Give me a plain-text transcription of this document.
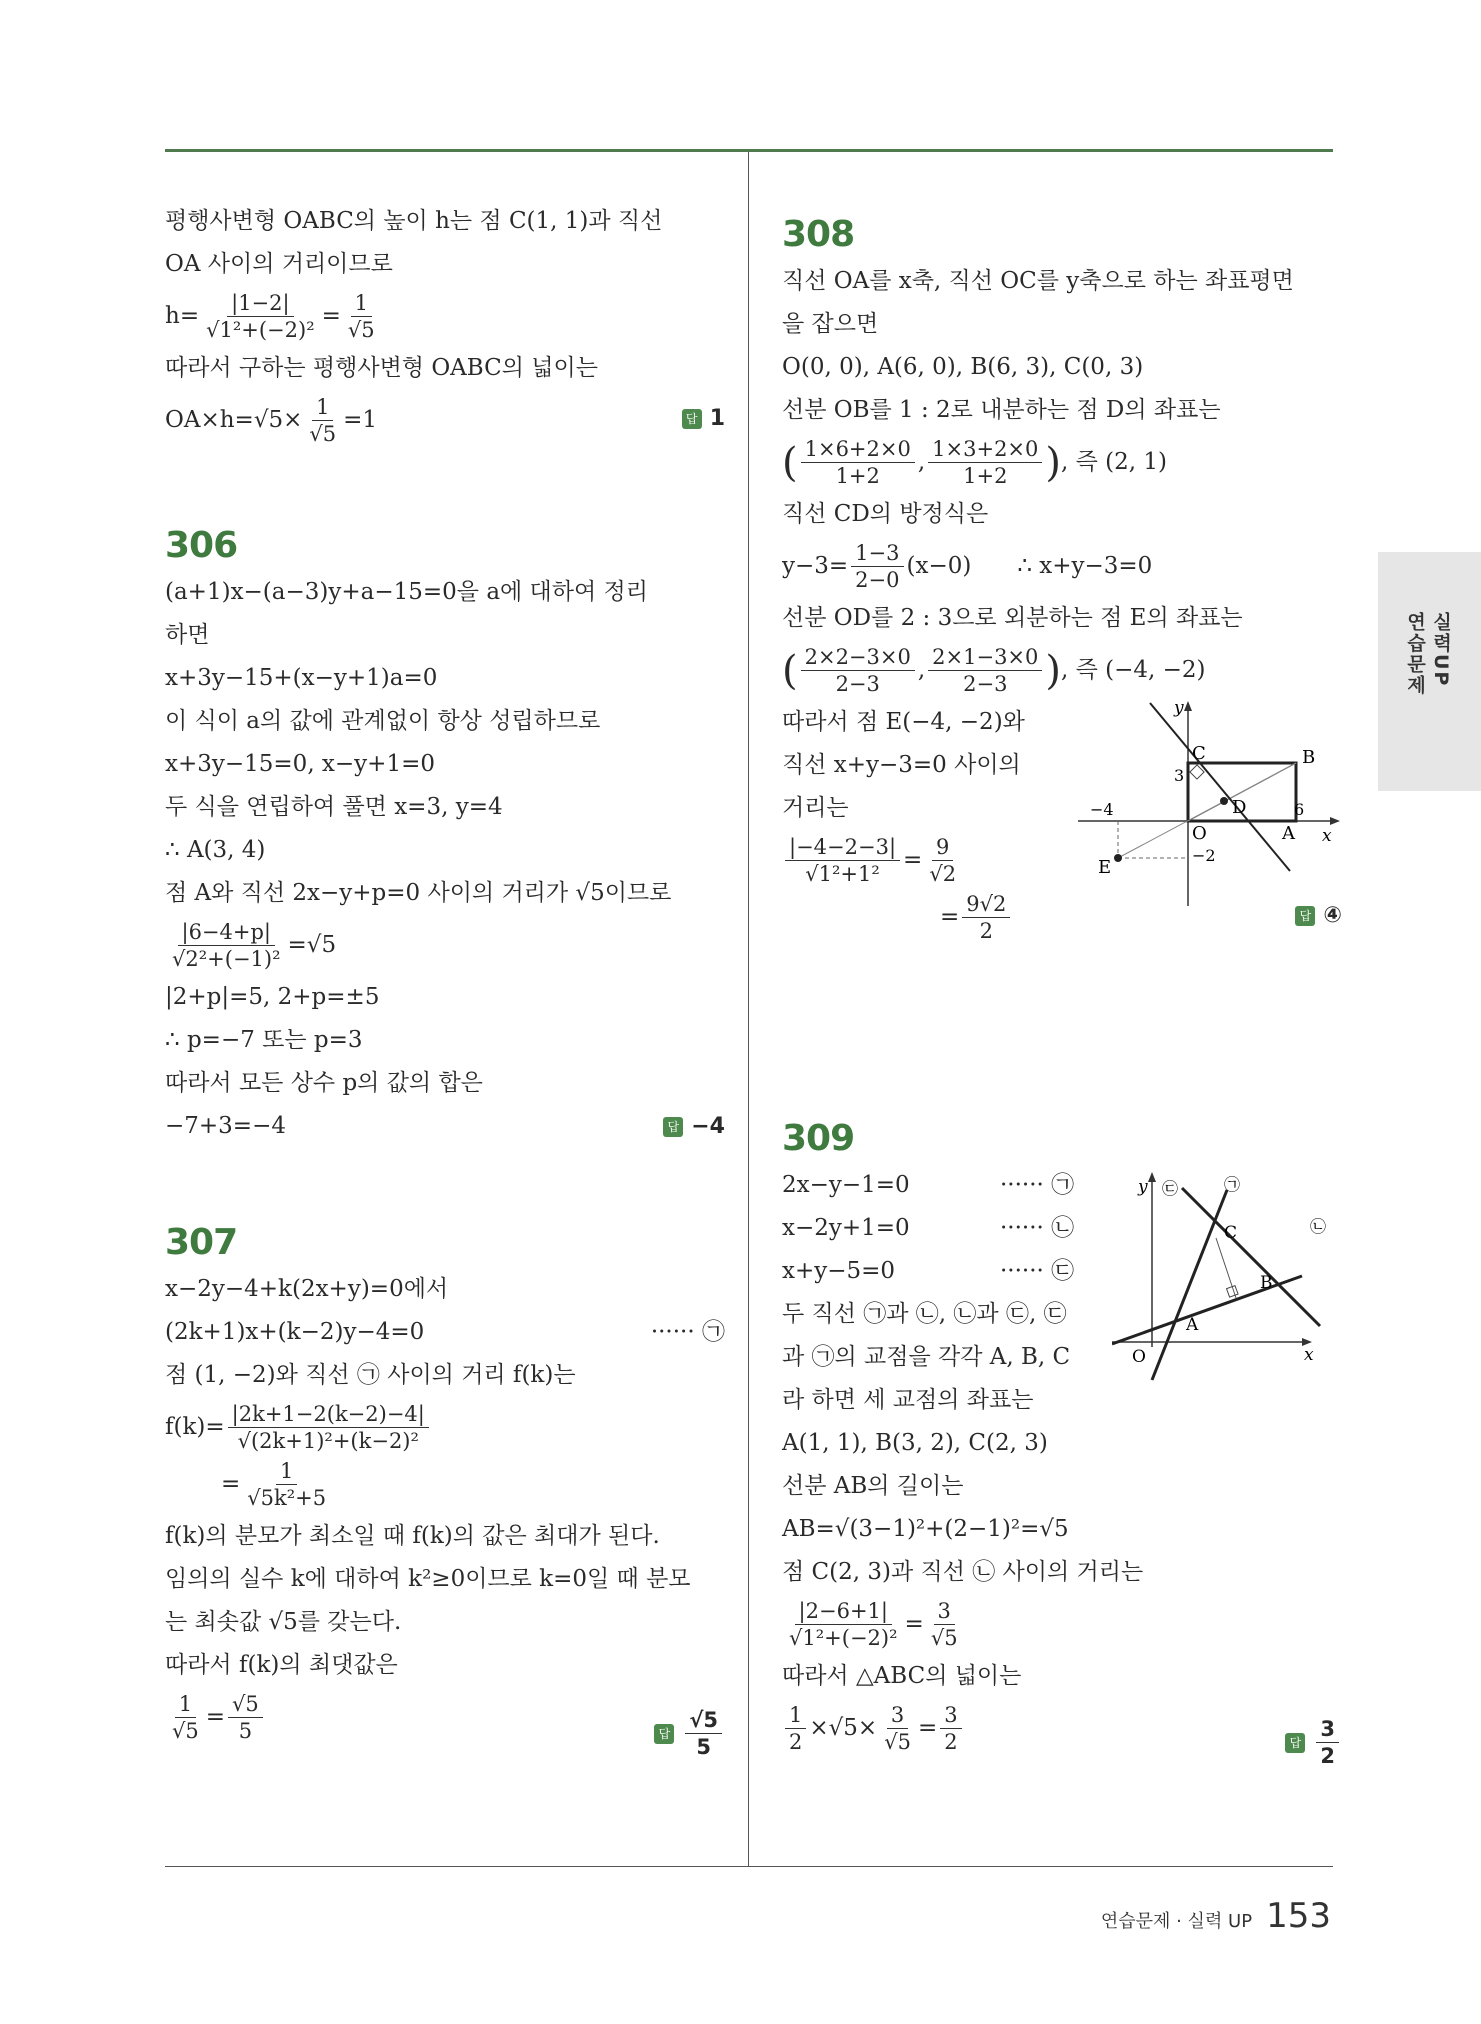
평행사변형 OABC의 높이 h는 점 C(1, 1)과 직선
OA 사이의 거리이므로
$h= \frac{|1-2|}{\text{√1²+(−2)²}} = \frac{1}{√5}$
따라서 구하는 평행사변형 OABC의 넓이는
$OA\times h=√5\times \frac{1}{√5} =1$	답 1
306
(a+1)x−(a−3)y+a−15=0을 a에 대하여 정리
하면
x+3y−15+(x−y+1)a=0
이 식이 a의 값에 관계없이 항상 성립하므로
x+3y−15=0, x−y+1=0
두 식을 연립하여 풀면 x=3, y=4
∴ A(3, 4)
점 A와 직선 2x−y+p=0 사이의 거리가 √5이므로
$\frac{|6-4+p|}{\text{√2²+(−1)²}} =√5$
|2+p|=5, 2+p=±5
∴ p=−7 또는 p=3
따라서 모든 상수 p의 값의 합은
−7+3=−4	답 −4
307
x−2y−4+k(2x+y)=0에서
(2k+1)x+(k−2)y−4=0	······ ㉠
점 (1, −2)와 직선 ㉠ 사이의 거리 f(k)는
$f(k)= \frac{|2k+1-2(k-2)-4|}{\text{√(2k+1)²+(k−2)²}}$
= $\frac{1}{\text{√5k²+5}}$
f(k)의 분모가 최소일 때 f(k)의 값은 최대가 된다.
임의의 실수 k에 대하여 k²≥0이므로 k=0일 때 분모
는 최솟값 √5를 갖는다.
따라서 f(k)의 최댓값은
$\frac{1}{√5} = \frac{√5}{5}$	답 $\frac{√5}{5}$
308
직선 OA를 x축, 직선 OC를 y축으로 하는 좌표평면
을 잡으면
O(0, 0), A(6, 0), B(6, 3), C(0, 3)
선분 OB를 1 : 2로 내분하는 점 D의 좌표는
( $\frac{1\times 6+2\times 0}{1+2}$ , $\frac{1\times 3+2\times 0}{1+2}$ ) , 즉 (2, 1)
직선 CD의 방정식은
$y-3= \frac{1-3}{2-0} (x-0)$ ∴ x+y−3=0
선분 OD를 2 : 3으로 외분하는 점 E의 좌표는
( $\frac{2\times 2-3\times 0}{2-3}$ , $\frac{2\times 1-3\times 0}{2-3}$ ) , 즉 (−4, −2)
따라서 점 E(−4, −2)와
직선 x+y−3=0 사이의
거리는
$\frac{|-4-2-3|}{\text{√1²+1²}} = \frac{9}{√2}$
= $\frac{9√2}{2}$	답 ④
y
C	B
3
−4	D	6
x
O	A
E
−2
309
2x−y−1=0	······ ㉠
x−2y+1=0	······ ㉡
x+y−5=0	······ ㉢
두 직선 ㉠과 ㉡, ㉡과 ㉢, ㉢
과 ㉠의 교점을 각각 A, B, C
라 하면 세 교점의 좌표는
A(1, 1), B(3, 2), C(2, 3)
선분 AB의 길이는
AB=√(3−1)²+(2−1)²=√5
점 C(2, 3)과 직선 ㉡ 사이의 거리는
$\frac{|2-6+1|}{\text{√1²+(−2)²}} = \frac{3}{√5}$
따라서 △ABC의 넓이는
$\frac{1}{2} \times√5\times \frac{3}{√5} = \frac{3}{2}$	답 $\frac{3}{2}$
y ㉢	㉠
C	㉡
B
A
O	x
실력UP
연습문제
연습문제 · 실력 UP 153
